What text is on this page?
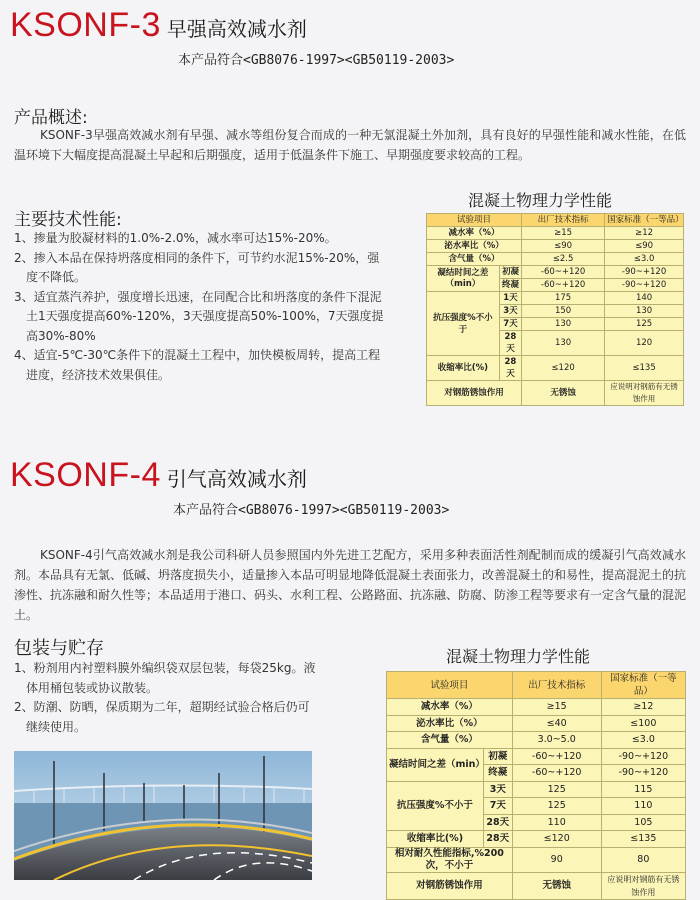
KSONF-3 早强高效减水剂
本产品符合<GB8076-1997><GB50119-2003>
产品概述:
KSONF-3早强高效减水剂有早强、减水等组份复合而成的一种无氯混凝土外加剂，具有良好的早强性能和减水性能，在低温环境下大幅度提高混凝土早起和后期强度，适用于低温条件下施工、早期强度要求较高的工程。
主要技术性能:
1、掺量为胶凝材料的1.0%-2.0%，减水率可达15%-20%。
2、掺入本品在保持坍落度相同的条件下，可节约水泥15%-20%，强度不降低。
3、适宜蒸汽养护，强度增长迅速，在同配合比和坍落度的条件下混泥土1天强度提高60%-120%，3天强度提高50%-100%，7天强度提高30%-80%
4、适宜-5℃-30℃条件下的混凝土工程中，加快模板周转，提高工程进度，经济技术效果俱佳。
混凝土物理力学性能
试验项目		出厂技术指标	国家标准（一等品）
减水率（%）		≥15	≥12
泌水率比（%）		≤90	≤90
含气量（%）		≤2.5	≤3.0
凝结时间之差（min）	初凝	-60~+120	-90~+120
	终凝	-60~+120	-90~+120
抗压强度%不小于	1天	175	140
	3天	150	130
	7天	130	125
	28天	130	120
收缩率比(%)	28天	≤120	≤135
对钢筋锈蚀作用		无锈蚀	应说明对钢筋有无锈蚀作用
KSONF-4 引气高效减水剂
本产品符合<GB8076-1997><GB50119-2003>
KSONF-4引气高效减水剂是我公司科研人员参照国内外先进工艺配方，采用多种表面活性剂配制而成的缓凝引气高效减水剂。本品具有无氯、低碱、坍落度损失小，适量掺入本品可明显地降低混凝土表面张力，改善混凝土的和易性，提高混泥土的抗渗性、抗冻融和耐久性等；本品适用于港口、码头、水利工程、公路路面、抗冻融、防腐、防渗工程等要求有一定含气量的混泥土。
包装与贮存
1、粉剂用内衬塑料膜外编织袋双层包装，每袋25kg。液体用桶包装或协议散装。
2、防潮、防晒，保质期为二年，超期经试验合格后仍可继续使用。
混凝土物理力学性能
试验项目		出厂技术指标	国家标准（一等品）
减水率（%）		≥15	≥12
泌水率比（%）		≤40	≤100
含气量（%）		3.0~5.0	≤3.0
凝结时间之差（min）	初凝	-60~+120	-90~+120
	终凝	-60~+120	-90~+120
抗压强度%不小于	3天	125	115
	7天	125	110
	28天	110	105
收缩率比(%)	28天	≤120	≤135
相对耐久性能指标,%200次，不小于		90	80
对钢筋锈蚀作用		无锈蚀	应说明对钢筋有无锈蚀作用
